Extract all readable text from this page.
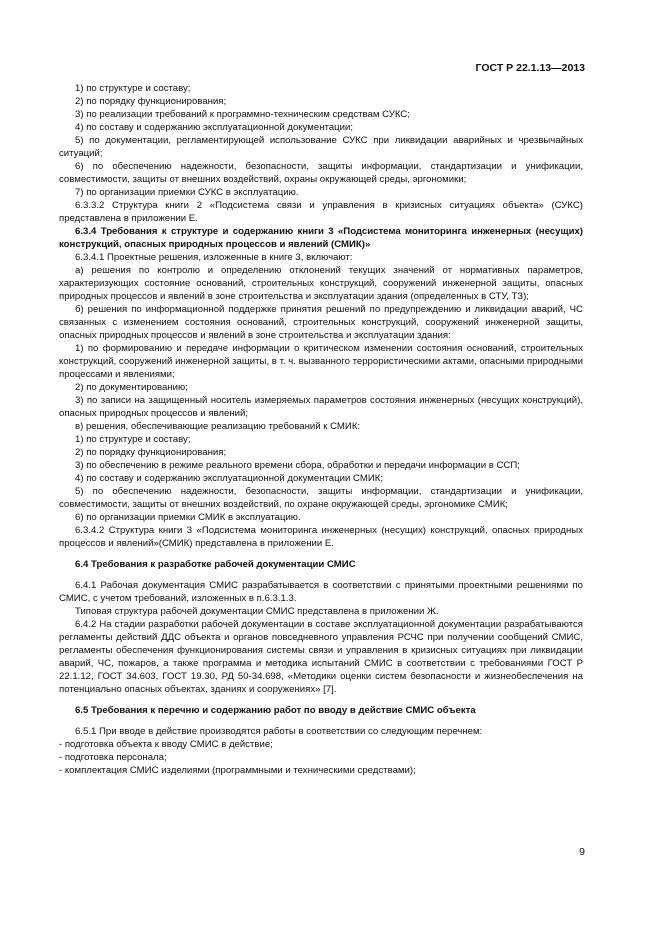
ГОСТ Р 22.1.13—2013

1) по структуре и составу;

2) по порядку функционирования;

3) по реализации требований к программно-техническим средствам СУКС;

4) по составу и содержанию эксплуатационной документации;

5) по документации, регламентирующей использование СУКС при ликвидации аварийных и чрезвычайных ситуаций;

6) по обеспечению надежности, безопасности, защиты информации, стандартизации и унификации, совместимости, защиты от внешних воздействий, охраны окружающей среды, эргономики;

7) по организации приемки СУКС в эксплуатацию.

6.3.3.2 Структура книги 2 «Подсистема связи и управления в кризисных ситуациях объекта» (СУКС) представлена в приложении Е.

6.3.4 Требования к структуре и содержанию книги 3 «Подсистема мониторинга инженерных (несущих) конструкций, опасных природных процессов и явлений (СМИК)»

6.3.4.1 Проектные решения, изложенные в книге 3, включают:

а) решения по контролю и определению отклонений текущих значений от нормативных параметров, характеризующих состояние оснований, строительных конструкций, сооружений инженерной защиты, опасных природных процессов и явлений в зоне строительства и эксплуатации здания (определенных в СТУ, ТЗ);

б) решения по информационной поддержке принятия решений по предупреждению и ликвидации аварий, ЧС связанных с изменением состояния оснований, строительных конструкций, сооружений инженерной защиты, опасных природных процессов и явлений в зоне строительства и эксплуатации здания:

1) по формированию и передаче информации о критическом изменении состояния оснований, строительных конструкций, сооружений инженерной защиты, в т. ч. вызванного террористическими актами, опасными природными процессами и явлениями;

2) по документированию;

3) по записи на защищенный носитель измеряемых параметров состояния инженерных (несущих конструкций), опасных природных процессов и явлений;

в) решения, обеспечивающие реализацию требований к СМИК:

1) по структуре и составу;

2) по порядку функционирования;

3) по обеспечению в режиме реального времени сбора, обработки и передачи информации в ССП;

4) по составу и содержанию эксплуатационной документации СМИК;

5) по обеспечению надежности, безопасности, защиты информации, стандартизации и унификации, совместимости, защиты от внешних воздействий, по охране окружающей среды, эргономике СМИК;

6) по организации приемки СМИК в эксплуатацию.

6.3.4.2 Структура книги 3 «Подсистема мониторинга инженерных (несущих) конструкций, опасных природных процессов и явлений»(СМИК) представлена в приложении Е.

6.4 Требования к разработке рабочей документации СМИС

6.4.1 Рабочая документация СМИС разрабатывается в соответствии с принятыми проектными решениями по СМИС, с учетом требований, изложенных в п.6.3.1.3.

Типовая структура рабочей документации СМИС представлена в приложении Ж.

6.4.2 На стадии разработки рабочей документации в составе эксплуатационной документации разрабатываются регламенты действий ДДС объекта и органов повседневного управления РСЧС при получении сообщений СМИС, регламенты обеспечения функционирования системы связи и управления в кризисных ситуациях при ликвидации аварий, ЧС, пожаров, а также программа и методика испытаний СМИС в соответствии с требованиями ГОСТ Р 22.1.12, ГОСТ 34.603, ГОСТ 19.30, РД 50-34.698, «Методики оценки систем безопасности и жизнеобеспечения на потенциально опасных объектах, зданиях и сооружениях» [7].

6.5 Требования к перечню и содержанию работ по вводу в действие СМИС объекта

6.5.1 При вводе в действие производятся работы в соответствии со следующим перечнем:

- подготовка объекта к вводу СМИС в действие;

- подготовка персонала;

- комплектация СМИС изделиями (программными и техническими средствами);

9
